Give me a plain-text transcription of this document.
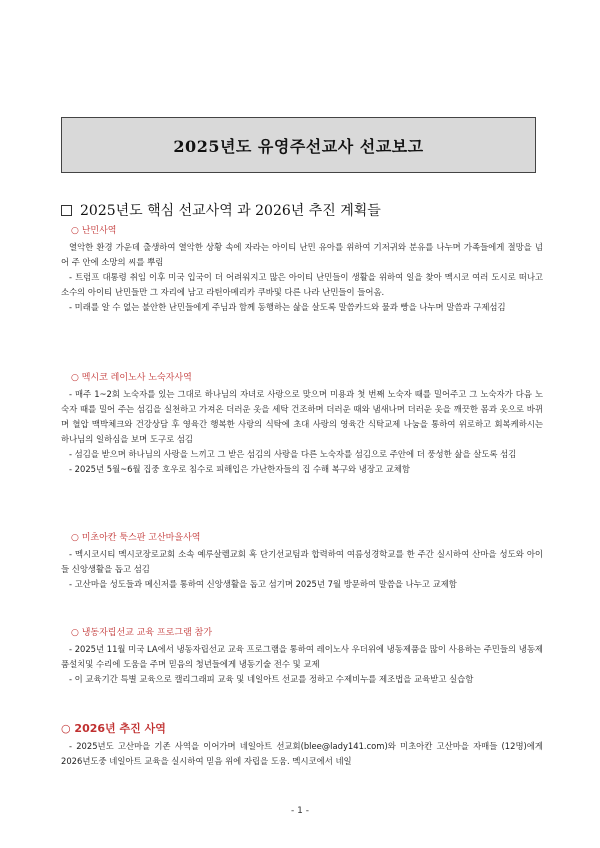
2025년도 유영주선교사 선교보고
2025년도 핵심 선교사역 과 2026년 추진 계획들
○ 난민사역

열악한 환경 가운데 출생하여 열악한 상황 속에 자라는 아이티 난민 유아를 위하여 기저귀와 분유를 나누며 가족들에게 절망을 넘어 주 안에 소망의 씨를 뿌림

- 트럼프 대통령 취임 이후 미국 입국이 더 어려워지고 많은 아이티 난민들이 생활을 위하여 일을 찾아 멕시코 여러 도시로 떠나고 소수의 아이티 난민들만 그 자리에 남고 라틴아메리카 쿠바및 다른 나라 난민들이 들어옴.

- 미래를 알 수 없는 불안한 난민들에게 주님과 함께 동행하는 삶을 살도록 말씀카드와 물과 빵을 나누며 말씀과 구제섬김

○ 멕시코 레이노사 노숙자사역

- 매주 1~2회 노숙자를 있는 그대로 하나님의 자녀로 사랑으로 맞으며 미용과 첫 번째 노숙자 때를 밀어주고 그 노숙자가 다음 노숙자 때를 밀어 주는 섬김을 실천하고 가져온 더러운 옷을 세탁 건조하며 더러운 때와 냄새나며 더러운 옷을 깨끗한 몸과 옷으로 바뀌며 혈압 맥박체크와 건강상담 후 영육간 행복한 사랑의 식탁에 초대 사랑의 영육간 식탁교제 나눔을 통하여 위로하고 회복케하시는 하나님의 일하심을 보며 도구로 섬김

- 섬김을 받으며 하나님의 사랑을 느끼고 그 받은 섬김의 사랑을 다른 노숙자를 섬김으로 주안에 더 풍성한 삶을 살도록 섬김

- 2025년 5월~6월 집중 호우로 침수로 피해입은 가난한자들의 집 수해 복구와 냉장고 교체함

○ 미초아칸 툭스판 고산마을사역

- 멕시코시티 멕시코장로교회 소속 예루살렘교회 혹 단기선교팀과 합력하여 여름성경학교를 한 주간 실시하여 산마을 성도와 아이들 신앙생활을 돕고 섬김

- 고산마을 성도들과 메신저를 통하여 신앙생활을 돕고 섬기며 2025년 7월 방문하여 말씀을 나누고 교제함

○ 냉동자립선교 교육 프로그램 참가

- 2025년 11월 미국 LA에서 냉동자립선교 교육 프로그램을 통하여 레이노사 우더위에 냉동제품을 많이 사용하는 주민들의 냉동제품설치및 수리에 도움을 주며 믿음의 청년들에게 냉동기술 전수 및 교제

- 이 교육기간 특별 교육으로 캘리그래피 교육 및 네일아트 선교를 정하고 수제비누를 제조법을 교육받고 실습함

○ 2026년 추진 사역

- 2025년도 고산마을 기존 사역을 이어가며 네일아트 선교회(blee@lady141.com)와 미초아칸 고산마을 자매들 (12명)에게 2026년도중 네일아트 교육을 실시하여 믿음 위에 자립을 도움. 멕시코에서 네일

- 1 -
